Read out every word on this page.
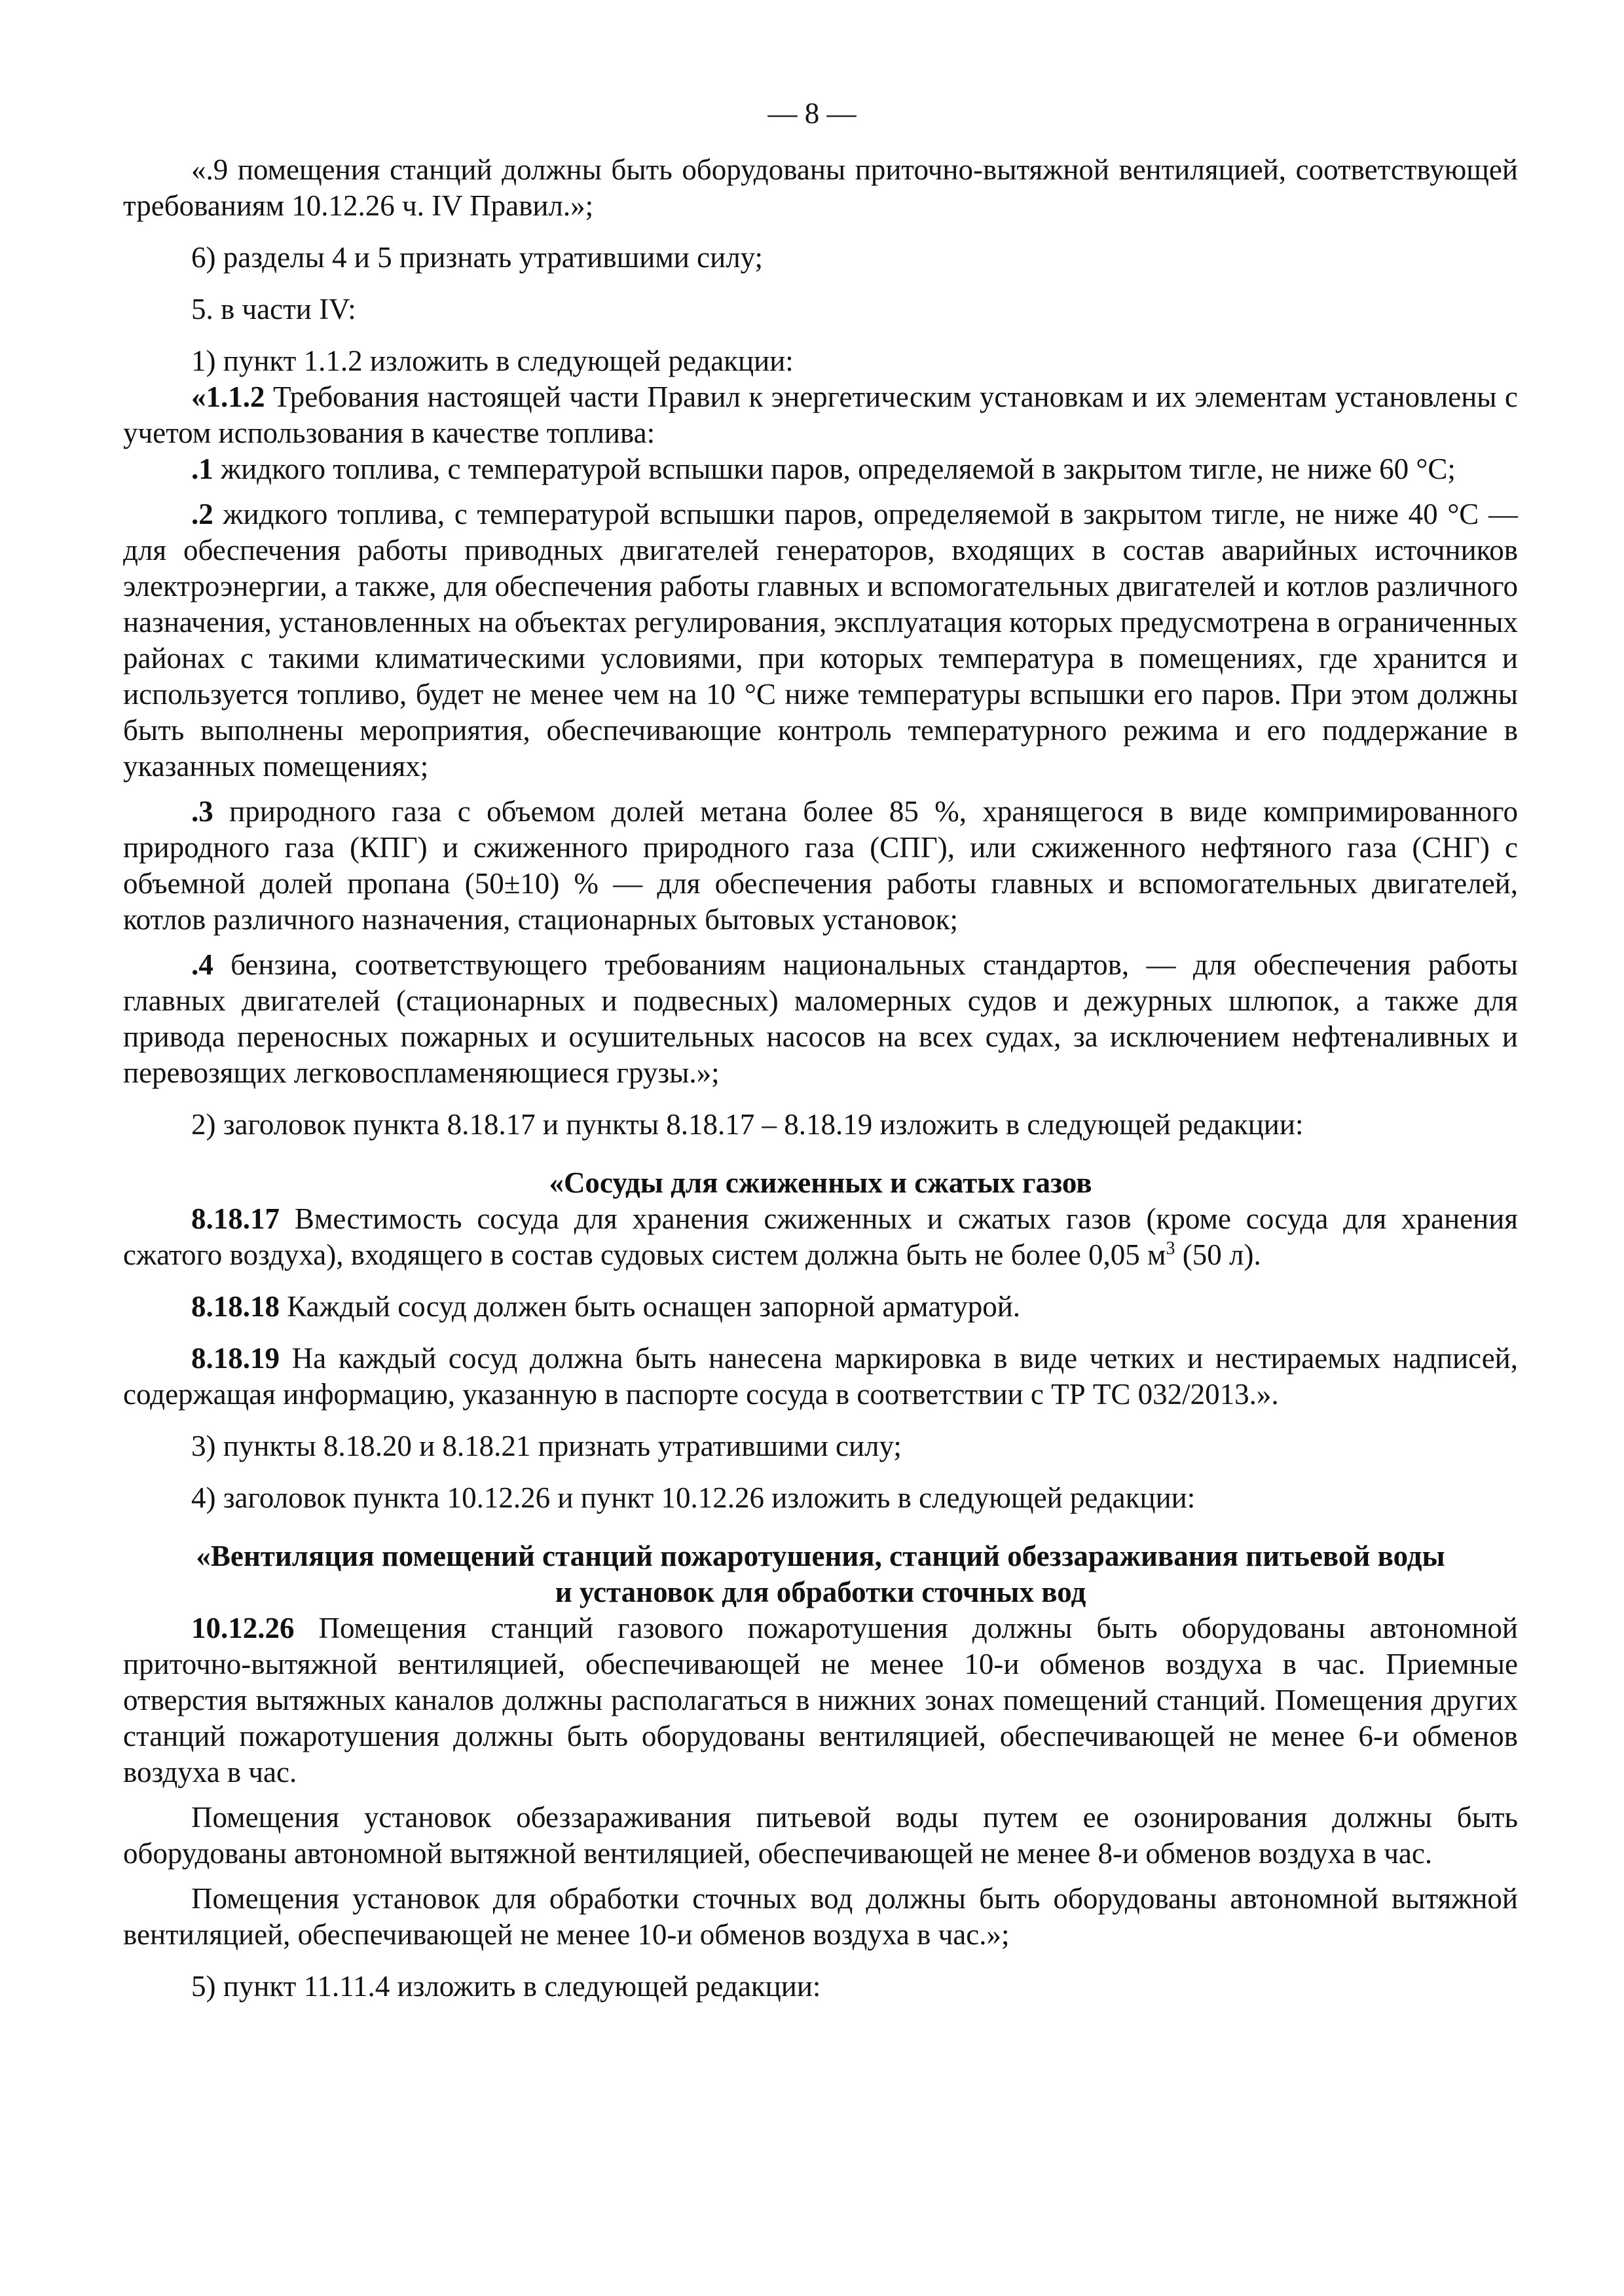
— 8 —

«.9 помещения станций должны быть оборудованы приточно-вытяжной вентиляцией, соответствующей требованиям 10.12.26 ч. IV Правил.»;

6) разделы 4 и 5 признать утратившими силу;

5. в части IV:

1) пункт 1.1.2 изложить в следующей редакции:

«1.1.2 Требования настоящей части Правил к энергетическим установкам и их элементам установлены с учетом использования в качестве топлива:

.1 жидкого топлива, с температурой вспышки паров, определяемой в закрытом тигле, не ниже 60 °С;

.2 жидкого топлива, с температурой вспышки паров, определяемой в закрытом тигле, не ниже 40 °С — для обеспечения работы приводных двигателей генераторов, входящих в состав аварийных источников электроэнергии, а также, для обеспечения работы главных и вспомогательных двигателей и котлов различного назначения, установленных на объектах регулирования, эксплуатация которых предусмотрена в ограниченных районах с такими климатическими условиями, при которых температура в помещениях, где хранится и используется топливо, будет не менее чем на 10 °С ниже температуры вспышки его паров. При этом должны быть выполнены мероприятия, обеспечивающие контроль температурного режима и его поддержание в указанных помещениях;

.3 природного газа с объемом долей метана более 85 %, хранящегося в виде компримированного природного газа (КПГ) и сжиженного природного газа (СПГ), или сжиженного нефтяного газа (СНГ) с объемной долей пропана (50±10) % — для обеспечения работы главных и вспомогательных двигателей, котлов различного назначения, стационарных бытовых установок;

.4 бензина, соответствующего требованиям национальных стандартов, — для обеспечения работы главных двигателей (стационарных и подвесных) маломерных судов и дежурных шлюпок, а также для привода переносных пожарных и осушительных насосов на всех судах, за исключением нефтеналивных и перевозящих легковоспламеняющиеся грузы.»;

2) заголовок пункта 8.18.17 и пункты 8.18.17 – 8.18.19 изложить в следующей редакции:

«Сосуды для сжиженных и сжатых газов

8.18.17 Вместимость сосуда для хранения сжиженных и сжатых газов (кроме сосуда для хранения сжатого воздуха), входящего в состав судовых систем должна быть не более 0,05 $м^3$ (50 л).

8.18.18 Каждый сосуд должен быть оснащен запорной арматурой.

8.18.19 На каждый сосуд должна быть нанесена маркировка в виде четких и нестираемых надписей, содержащая информацию, указанную в паспорте сосуда в соответствии с ТР ТС 032/2013.».

3) пункты 8.18.20 и 8.18.21 признать утратившими силу;

4) заголовок пункта 10.12.26 и пункт 10.12.26 изложить в следующей редакции:

«Вентиляция помещений станций пожаротушения, станций обеззараживания питьевой воды

и установок для обработки сточных вод

10.12.26 Помещения станций газового пожаротушения должны быть оборудованы автономной приточно-вытяжной вентиляцией, обеспечивающей не менее 10-и обменов воздуха в час. Приемные отверстия вытяжных каналов должны располагаться в нижних зонах помещений станций. Помещения других станций пожаротушения должны быть оборудованы вентиляцией, обеспечивающей не менее 6-и обменов воздуха в час.

Помещения установок обеззараживания питьевой воды путем ее озонирования должны быть оборудованы автономной вытяжной вентиляцией, обеспечивающей не менее 8-и обменов воздуха в час.

Помещения установок для обработки сточных вод должны быть оборудованы автономной вытяжной вентиляцией, обеспечивающей не менее 10-и обменов воздуха в час.»;

5) пункт 11.11.4 изложить в следующей редакции:
